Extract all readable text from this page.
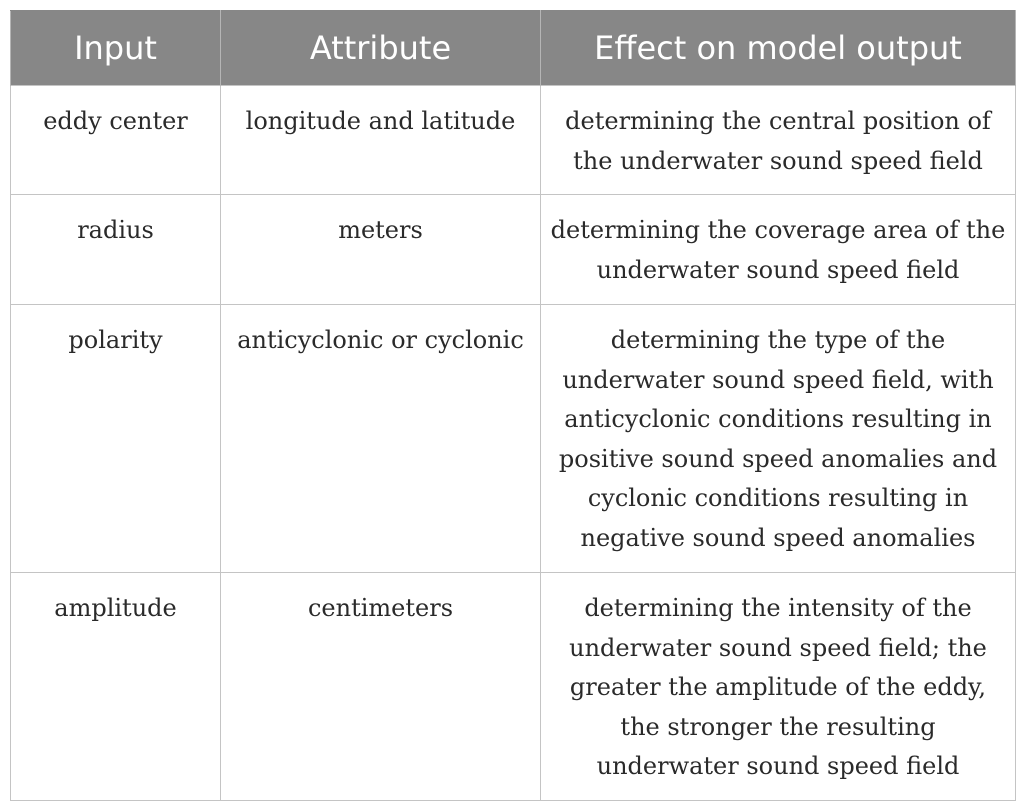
Input	Attribute	Effect on model output
eddy center	longitude and latitude	determining the central position of the underwater sound speed field
radius	meters	determining the coverage area of the underwater sound speed field
polarity	anticyclonic or cyclonic	determining the type of the underwater sound speed field, with anticyclonic conditions resulting in positive sound speed anomalies and cyclonic conditions resulting in negative sound speed anomalies
amplitude	centimeters	determining the intensity of the underwater sound speed field; the greater the amplitude of the eddy, the stronger the resulting underwater sound speed field
